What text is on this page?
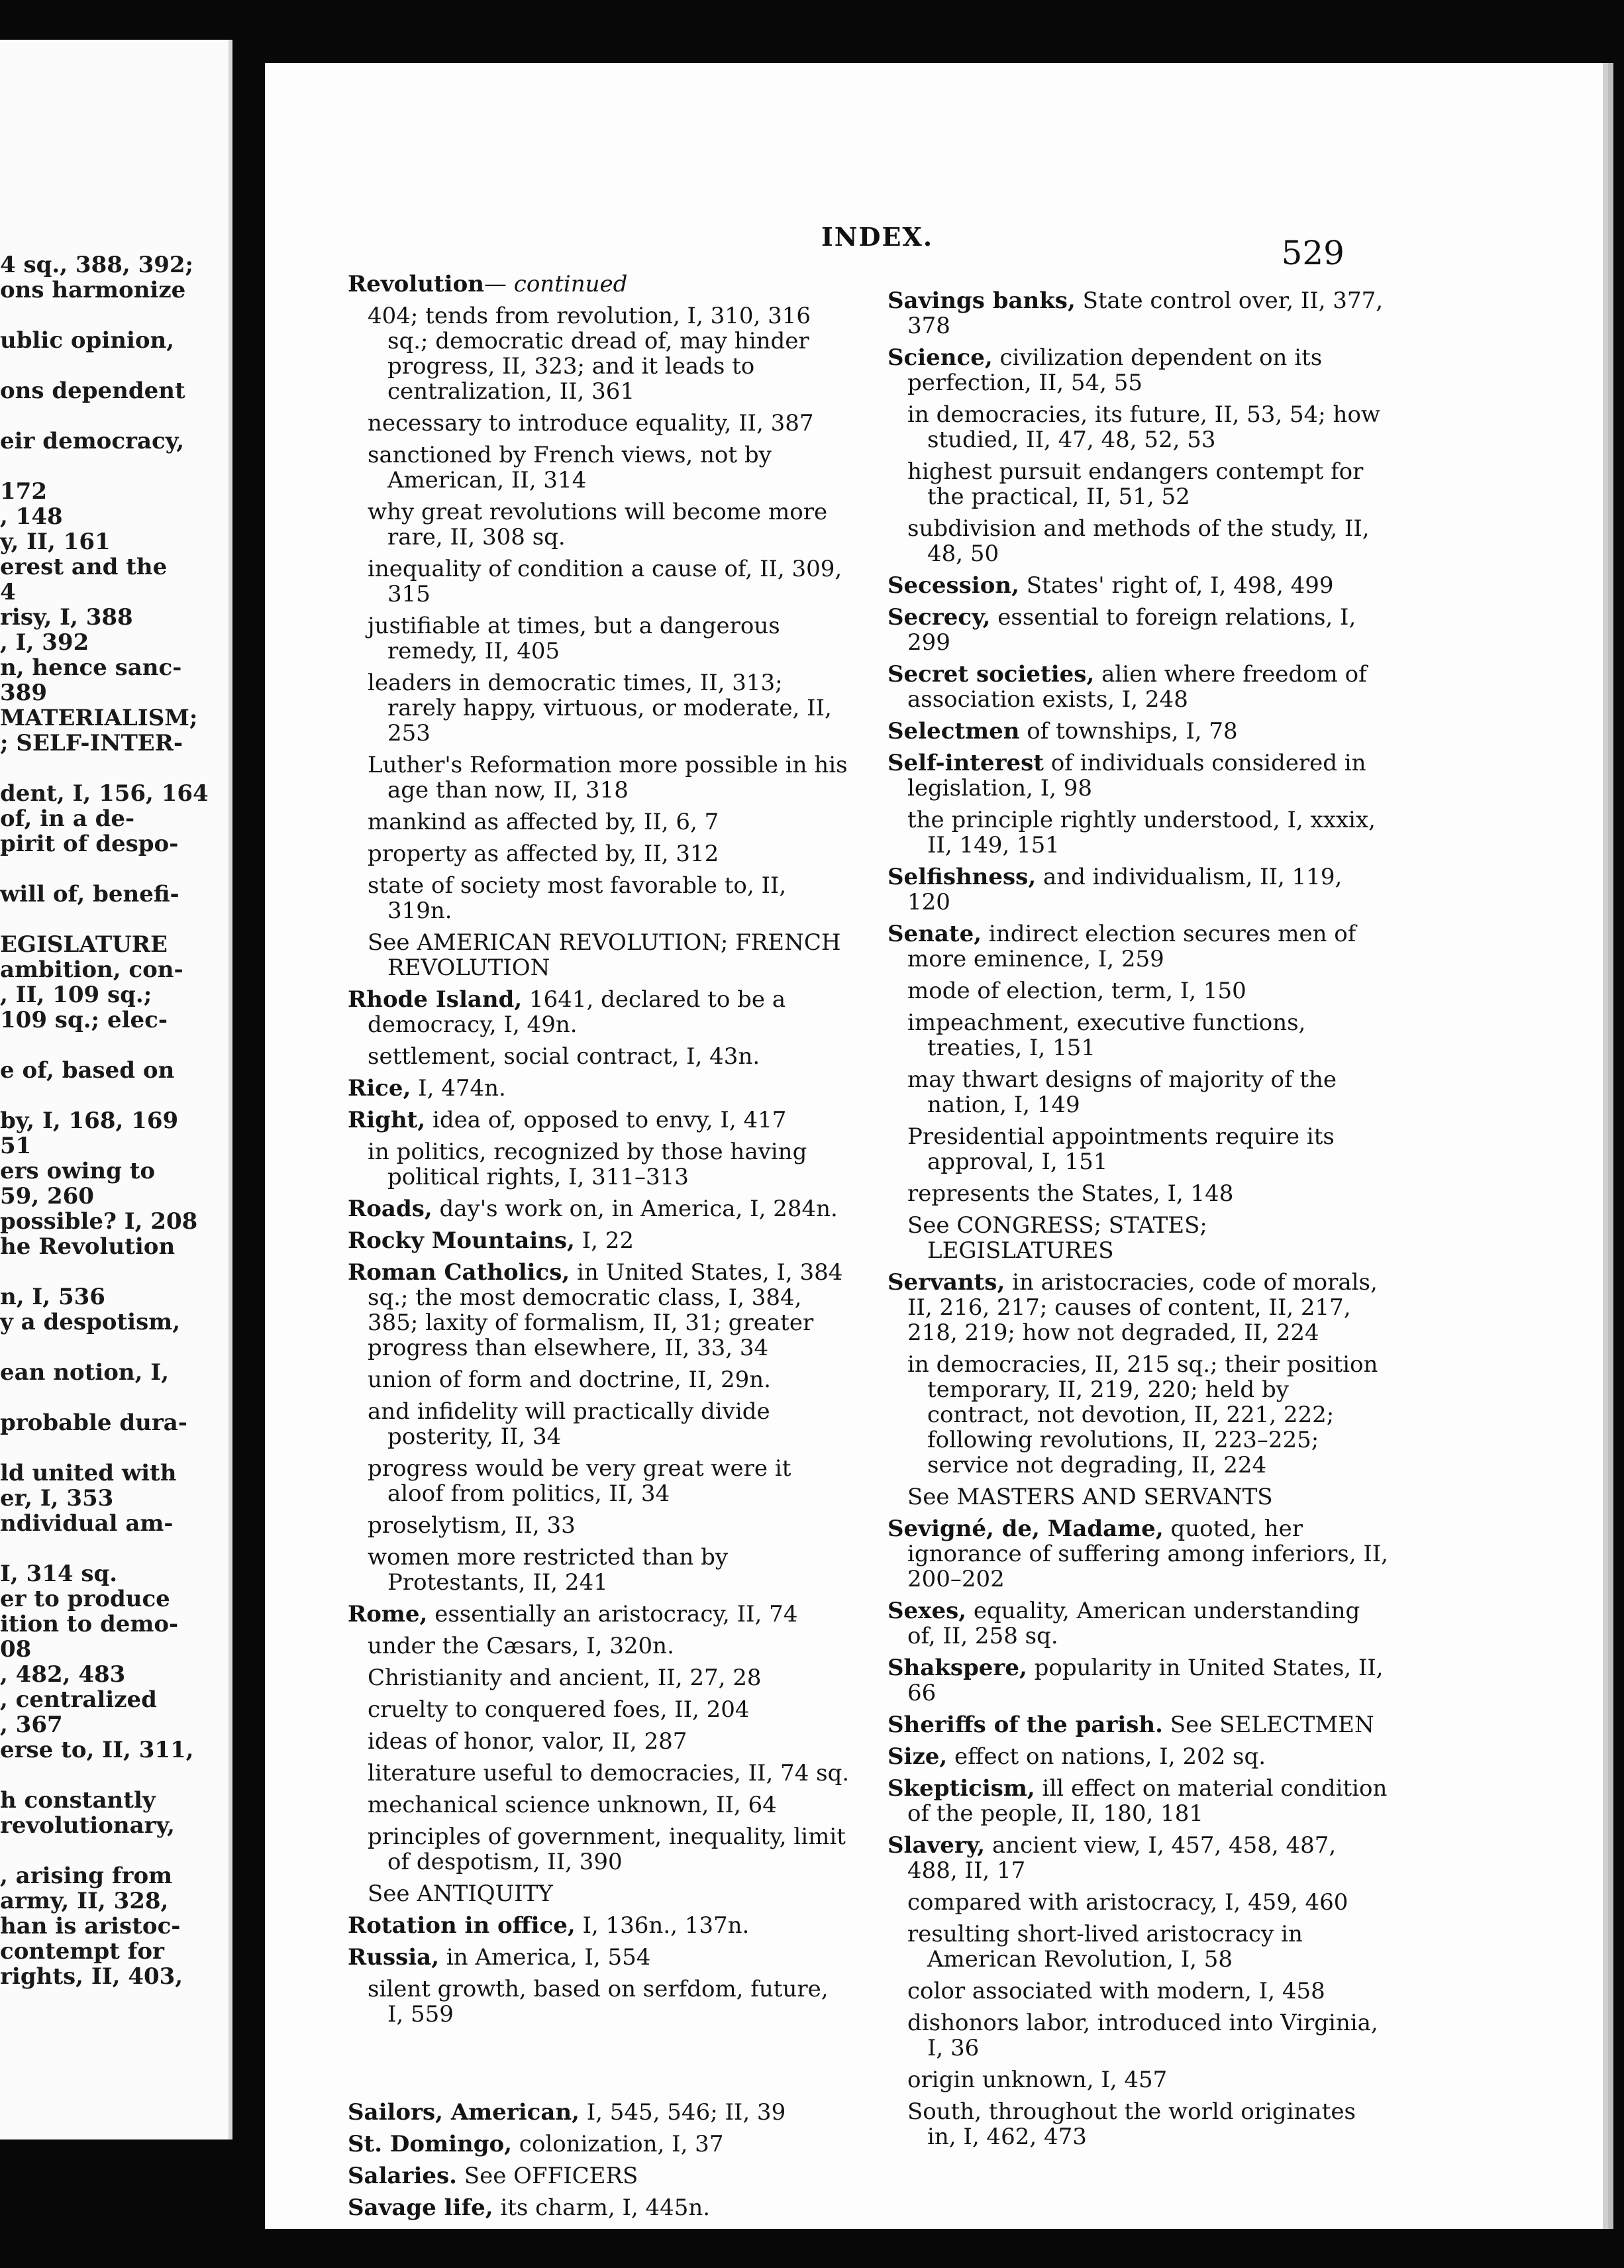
4 sq., 388, 392;
ons harmonize
ublic opinion,
ons dependent
eir democracy,
172
, 148
y, II, 161
erest and the
4
risy, I, 388
, I, 392
n, hence sanc-
389
MATERIALISM;
; SELF-INTER-
dent, I, 156, 164
of, in a de-
pirit of despo-
will of, benefi-
EGISLATURE
ambition, con-
, II, 109 sq.;
109 sq.; elec-
e of, based on
by, I, 168, 169
51
ers owing to
59, 260
possible? I, 208
he Revolution
n, I, 536
y a despotism,
ean notion, I,
probable dura-
ld united with
er, I, 353
ndividual am-
I, 314 sq.
er to produce
ition to demo-
08
, 482, 483
, centralized
, 367
erse to, II, 311,
h constantly
revolutionary,
, arising from
army, II, 328,
han is aristoc-
contempt for
rights, II, 403,
INDEX.	529
Revolution— continued
404; tends from revolution, I, 310, 316 sq.; democratic dread of, may hinder progress, II, 323; and it leads to centralization, II, 361
necessary to introduce equality, II, 387
sanctioned by French views, not by American, II, 314
why great revolutions will become more rare, II, 308 sq.
inequality of condition a cause of, II, 309, 315
justifiable at times, but a dangerous remedy, II, 405
leaders in democratic times, II, 313; rarely happy, virtuous, or moderate, II, 253
Luther's Reformation more possible in his age than now, II, 318
mankind as affected by, II, 6, 7
property as affected by, II, 312
state of society most favorable to, II, 319n.
See AMERICAN REVOLUTION; FRENCH REVOLUTION
Rhode Island, 1641, declared to be a democracy, I, 49n.
settlement, social contract, I, 43n.
Rice, I, 474n.
Right, idea of, opposed to envy, I, 417
in politics, recognized by those having political rights, I, 311–313
Roads, day's work on, in America, I, 284n.
Rocky Mountains, I, 22
Roman Catholics, in United States, I, 384 sq.; the most democratic class, I, 384, 385; laxity of formalism, II, 31; greater progress than elsewhere, II, 33, 34
union of form and doctrine, II, 29n.
and infidelity will practically divide posterity, II, 34
progress would be very great were it aloof from politics, II, 34
proselytism, II, 33
women more restricted than by Protestants, II, 241
Rome, essentially an aristocracy, II, 74
under the Cæsars, I, 320n.
Christianity and ancient, II, 27, 28
cruelty to conquered foes, II, 204
ideas of honor, valor, II, 287
literature useful to democracies, II, 74 sq.
mechanical science unknown, II, 64
principles of government, inequality, limit of despotism, II, 390
See ANTIQUITY
Rotation in office, I, 136n., 137n.
Russia, in America, I, 554
silent growth, based on serfdom, future, I, 559
Sailors, American, I, 545, 546; II, 39
St. Domingo, colonization, I, 37
Salaries. See OFFICERS
Savage life, its charm, I, 445n.
Savings banks, State control over, II, 377, 378
Science, civilization dependent on its perfection, II, 54, 55
in democracies, its future, II, 53, 54; how studied, II, 47, 48, 52, 53
highest pursuit endangers contempt for the practical, II, 51, 52
subdivision and methods of the study, II, 48, 50
Secession, States' right of, I, 498, 499
Secrecy, essential to foreign relations, I, 299
Secret societies, alien where freedom of association exists, I, 248
Selectmen of townships, I, 78
Self-interest of individuals considered in legislation, I, 98
the principle rightly understood, I, xxxix, II, 149, 151
Selfishness, and individualism, II, 119, 120
Senate, indirect election secures men of more eminence, I, 259
mode of election, term, I, 150
impeachment, executive functions, treaties, I, 151
may thwart designs of majority of the nation, I, 149
Presidential appointments require its approval, I, 151
represents the States, I, 148
See CONGRESS; STATES; LEGISLATURES
Servants, in aristocracies, code of morals, II, 216, 217; causes of content, II, 217, 218, 219; how not degraded, II, 224
in democracies, II, 215 sq.; their position temporary, II, 219, 220; held by contract, not devotion, II, 221, 222; following revolutions, II, 223–225; service not degrading, II, 224
See MASTERS AND SERVANTS
Sevigné, de, Madame, quoted, her ignorance of suffering among inferiors, II, 200–202
Sexes, equality, American understanding of, II, 258 sq.
Shakspere, popularity in United States, II, 66
Sheriffs of the parish. See SELECTMEN
Size, effect on nations, I, 202 sq.
Skepticism, ill effect on material condition of the people, II, 180, 181
Slavery, ancient view, I, 457, 458, 487, 488, II, 17
compared with aristocracy, I, 459, 460
resulting short-lived aristocracy in American Revolution, I, 58
color associated with modern, I, 458
dishonors labor, introduced into Virginia, I, 36
origin unknown, I, 457
South, throughout the world originates in, I, 462, 473
